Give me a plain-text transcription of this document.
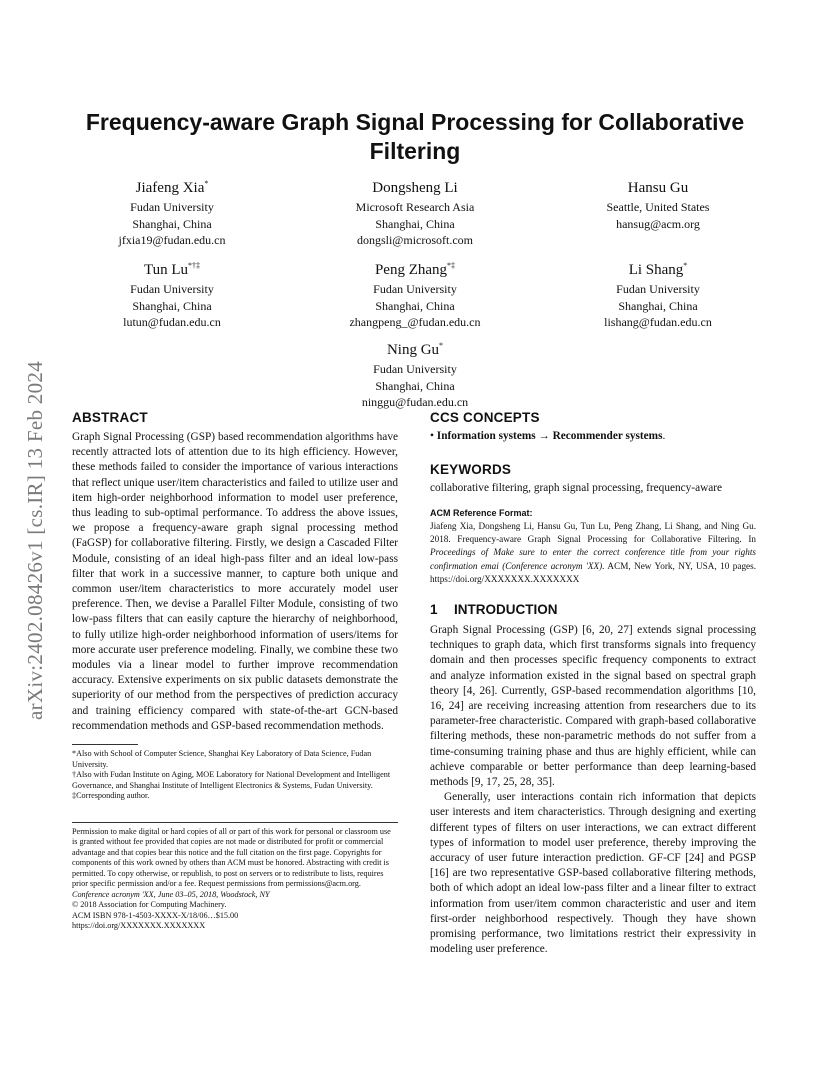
arXiv:2402.08426v1 [cs.IR] 13 Feb 2024
Frequency-aware Graph Signal Processing for Collaborative Filtering
Jiafeng Xia*
Fudan University
Shanghai, China
jfxia19@fudan.edu.cn
Dongsheng Li
Microsoft Research Asia
Shanghai, China
dongsli@microsoft.com
Hansu Gu
Seattle, United States
hansug@acm.org
Tun Lu*†‡
Fudan University
Shanghai, China
lutun@fudan.edu.cn
Peng Zhang*‡
Fudan University
Shanghai, China
zhangpeng_@fudan.edu.cn
Li Shang*
Fudan University
Shanghai, China
lishang@fudan.edu.cn
Ning Gu*
Fudan University
Shanghai, China
ninggu@fudan.edu.cn
ABSTRACT

Graph Signal Processing (GSP) based recommendation algorithms have recently attracted lots of attention due to its high efficiency. However, these methods failed to consider the importance of various interactions that reflect unique user/item characteristics and failed to utilize user and item high-order neighborhood information to model user preference, thus leading to sub-optimal performance. To address the above issues, we propose a frequency-aware graph signal processing method (FaGSP) for collaborative filtering. Firstly, we design a Cascaded Filter Module, consisting of an ideal high-pass filter and an ideal low-pass filter that work in a successive manner, to capture both unique and common user/item characteristics to more accurately model user preference. Then, we devise a Parallel Filter Module, consisting of two low-pass filters that can easily capture the hierarchy of neighborhood, to fully utilize high-order neighborhood information of users/items for more accurate user preference modeling. Finally, we combine these two modules via a linear model to further improve recommendation accuracy. Extensive experiments on six public datasets demonstrate the superiority of our method from the perspectives of prediction accuracy and training efficiency compared with state-of-the-art GCN-based recommendation methods and GSP-based recommendation methods.

*Also with School of Computer Science, Shanghai Key Laboratory of Data Science, Fudan University.

†Also with Fudan Institute on Aging, MOE Laboratory for National Development and Intelligent Governance, and Shanghai Institute of Intelligent Electronics & Systems, Fudan University.

‡Corresponding author.

Permission to make digital or hard copies of all or part of this work for personal or classroom use is granted without fee provided that copies are not made or distributed for profit or commercial advantage and that copies bear this notice and the full citation on the first page. Copyrights for components of this work owned by others than ACM must be honored. Abstracting with credit is permitted. To copy otherwise, or republish, to post on servers or to redistribute to lists, requires prior specific permission and/or a fee. Request permissions from permissions@acm.org.

Conference acronym 'XX, June 03–05, 2018, Woodstock, NY

© 2018 Association for Computing Machinery.

ACM ISBN 978-1-4503-XXXX-X/18/06…$15.00

https://doi.org/XXXXXXX.XXXXXXX

CCS CONCEPTS

• Information systems → Recommender systems.

KEYWORDS

collaborative filtering, graph signal processing, frequency-aware

ACM Reference Format:

Jiafeng Xia, Dongsheng Li, Hansu Gu, Tun Lu, Peng Zhang, Li Shang, and Ning Gu. 2018. Frequency-aware Graph Signal Processing for Collaborative Filtering. In Proceedings of Make sure to enter the correct conference title from your rights confirmation emai (Conference acronym 'XX). ACM, New York, NY, USA, 10 pages. https://doi.org/XXXXXXX.XXXXXXX

1 INTRODUCTION

Graph Signal Processing (GSP) [6, 20, 27] extends signal processing techniques to graph data, which first transforms signals into frequency domain and then processes specific frequency components to extract and analyze information existed in the signal based on spectral graph theory [4, 26]. Currently, GSP-based recommendation algorithms [10, 16, 24] are receiving increasing attention from researchers due to its parameter-free characteristic. Compared with graph-based collaborative filtering methods, these non-parametric methods do not suffer from a time-consuming training phase and thus are highly efficient, while can achieve comparable or better performance than deep learning-based methods [9, 17, 25, 28, 35].

Generally, user interactions contain rich information that depicts user interests and item characteristics. Through designing and exerting different types of filters on user interactions, we can extract different types of information to model user preference, thereby improving the accuracy of user future interaction prediction. GF-CF [24] and PGSP [16] are two representative GSP-based collaborative filtering methods, both of which adopt an ideal low-pass filter and a linear filter to extract information from user/item common characteristic and user and item first-order neighborhood respectively. Though they have shown promising performance, two limitations restrict their expressivity in modeling user preference.
